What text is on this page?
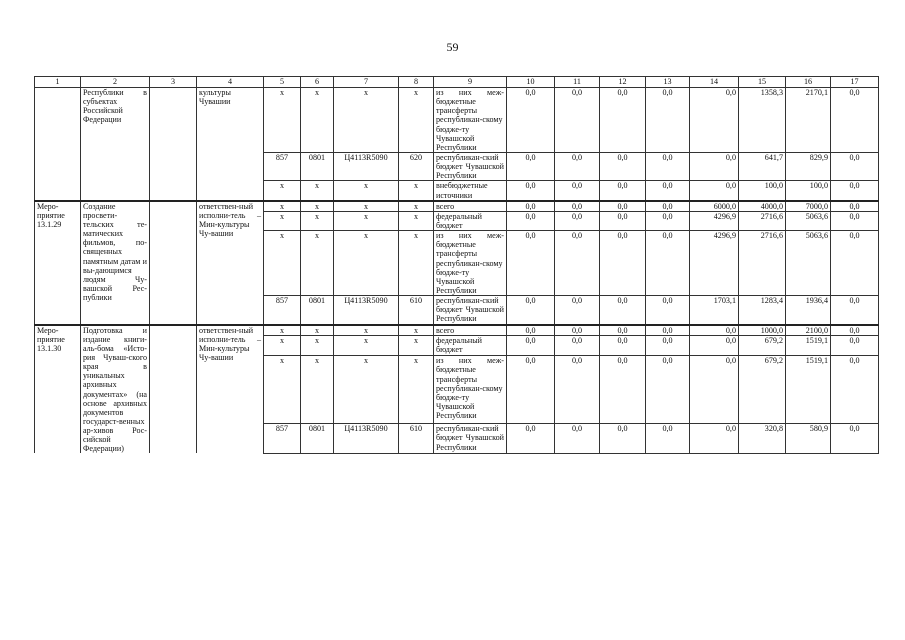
59
1	2	3	4	5	6	7	8	9	10	11	12	13	14	15	16	17
	Республики в субъектах Российской Федерации		культуры Чувашии	x	x	x	x	из них меж-бюджетные трансферты республикан-скому бюдже-ту Чувашской Республики	0,0	0,0	0,0	0,0	0,0	1358,3	2170,1	0,0
				857	0801	Ц4113R5090	620	республикан-ский бюджет Чувашской Республики	0,0	0,0	0,0	0,0	0,0	641,7	829,9	0,0
				x	x	x	x	внебюджетные источники	0,0	0,0	0,0	0,0	0,0	100,0	100,0	0,0
Меро-приятие 13.1.29	Создание просвети-тельских те-матических фильмов, по-священных памятным датам и вы-дающимся людям Чу-вашской Рес-публики		ответствен-ный исполни-тель – Мин-культуры Чу-вашии	x	x	x	x	всего	0,0	0,0	0,0	0,0	6000,0	4000,0	7000,0	0,0
				x	x	x	x	федеральный бюджет	0,0	0,0	0,0	0,0	4296,9	2716,6	5063,6	0,0
				x	x	x	x	из них меж-бюджетные трансферты республикан-скому бюдже-ту Чувашской Республики	0,0	0,0	0,0	0,0	4296,9	2716,6	5063,6	0,0
				857	0801	Ц4113R5090	610	республикан-ский бюджет Чувашской Республики	0,0	0,0	0,0	0,0	1703,1	1283,4	1936,4	0,0
Меро-приятие 13.1.30	Подготовка и издание книги-аль-бома «Исто-рия Чуваш-ского края в уникальных архивных документах» (на основе архивных документов государст-венных ар-хивов Рос-сийской Федерации)		ответствен-ный исполни-тель – Мин-культуры Чу-вашии	x	x	x	x	всего	0,0	0,0	0,0	0,0	0,0	1000,0	2100,0	0,0
				x	x	x	x	федеральный бюджет	0,0	0,0	0,0	0,0	0,0	679,2	1519,1	0,0
				x	x	x	x	из них меж-бюджетные трансферты республикан-скому бюдже-ту Чувашской Республики	0,0	0,0	0,0	0,0	0,0	679,2	1519,1	0,0
				857	0801	Ц4113R5090	610	республикан-ский бюджет Чувашской Республики	0,0	0,0	0,0	0,0	0,0	320,8	580,9	0,0
